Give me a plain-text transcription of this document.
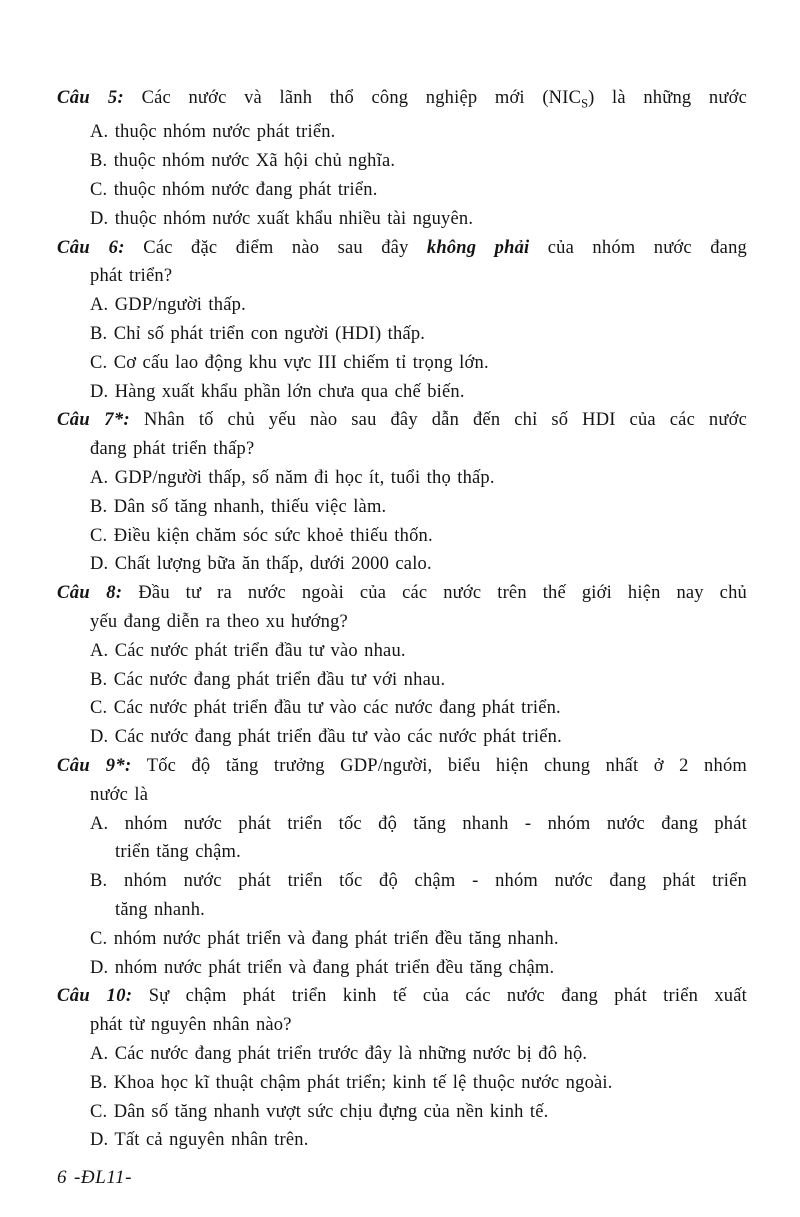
Câu 5: Các nước và lãnh thổ công nghiệp mới $(NIC_S)$ là những nước
A. thuộc nhóm nước phát triển.
B. thuộc nhóm nước Xã hội chủ nghĩa.
C. thuộc nhóm nước đang phát triển.
D. thuộc nhóm nước xuất khẩu nhiều tài nguyên.
Câu 6: Các đặc điểm nào sau đây không phải của nhóm nước đang
phát triển?
A. GDP/người thấp.
B. Chỉ số phát triển con người (HDI) thấp.
C. Cơ cấu lao động khu vực III chiếm tỉ trọng lớn.
D. Hàng xuất khẩu phần lớn chưa qua chế biến.
Câu 7*: Nhân tố chủ yếu nào sau đây dẫn đến chỉ số HDI của các nước
đang phát triển thấp?
A. GDP/người thấp, số năm đi học ít, tuổi thọ thấp.
B. Dân số tăng nhanh, thiếu việc làm.
C. Điều kiện chăm sóc sức khoẻ thiếu thốn.
D. Chất lượng bữa ăn thấp, dưới 2000 calo.
Câu 8: Đầu tư ra nước ngoài của các nước trên thế giới hiện nay chủ
yếu đang diễn ra theo xu hướng?
A. Các nước phát triển đầu tư vào nhau.
B. Các nước đang phát triển đầu tư với nhau.
C. Các nước phát triển đầu tư vào các nước đang phát triển.
D. Các nước đang phát triển đầu tư vào các nước phát triển.
Câu 9*: Tốc độ tăng trưởng GDP/người, biểu hiện chung nhất ở 2 nhóm
nước là
A. nhóm nước phát triển tốc độ tăng nhanh - nhóm nước đang phát
triển tăng chậm.
B. nhóm nước phát triển tốc độ chậm - nhóm nước đang phát triển
tăng nhanh.
C. nhóm nước phát triển và đang phát triển đều tăng nhanh.
D. nhóm nước phát triển và đang phát triển đều tăng chậm.
Câu 10: Sự chậm phát triển kinh tế của các nước đang phát triển xuất
phát từ nguyên nhân nào?
A. Các nước đang phát triển trước đây là những nước bị đô hộ.
B. Khoa học kĩ thuật chậm phát triển; kinh tế lệ thuộc nước ngoài.
C. Dân số tăng nhanh vượt sức chịu đựng của nền kinh tế.
D. Tất cả nguyên nhân trên.
6 -ĐL11-
